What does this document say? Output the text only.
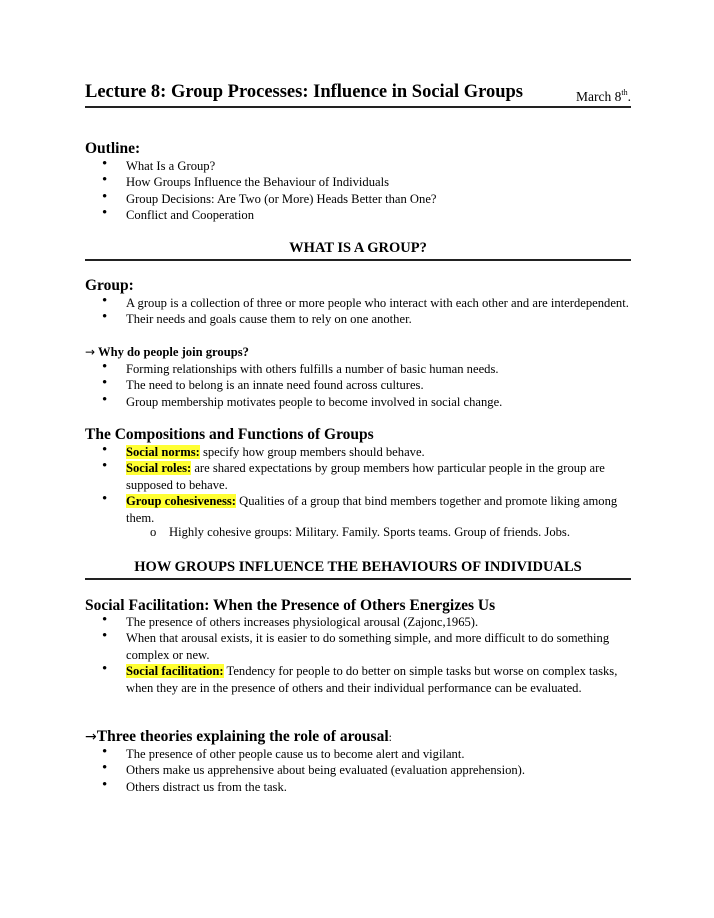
Lecture 8: Group Processes: Influence in Social Groups	March 8th.
Outline:
• What Is a Group?
• How Groups Influence the Behaviour of Individuals
• Group Decisions: Are Two (or More) Heads Better than One?
• Conflict and Cooperation
WHAT IS A GROUP?
Group:
• A group is a collection of three or more people who interact with each other and are interdependent.
• Their needs and goals cause them to rely on one another.
→ Why do people join groups?
• Forming relationships with others fulfills a number of basic human needs.
• The need to belong is an innate need found across cultures.
• Group membership motivates people to become involved in social change.
The Compositions and Functions of Groups
• Social norms: specify how group members should behave.
• Social roles: are shared expectations by group members how particular people in the group are supposed to behave.
• Group cohesiveness: Qualities of a group that bind members together and promote liking among them.
o Highly cohesive groups: Military. Family. Sports teams. Group of friends. Jobs.
HOW GROUPS INFLUENCE THE BEHAVIOURS OF INDIVIDUALS
Social Facilitation: When the Presence of Others Energizes Us
• The presence of others increases physiological arousal (Zajonc,1965).
• When that arousal exists, it is easier to do something simple, and more difficult to do something complex or new.
• Social facilitation: Tendency for people to do better on simple tasks but worse on complex tasks, when they are in the presence of others and their individual performance can be evaluated.
→Three theories explaining the role of arousal:
• The presence of other people cause us to become alert and vigilant.
• Others make us apprehensive about being evaluated (evaluation apprehension).
• Others distract us from the task.
